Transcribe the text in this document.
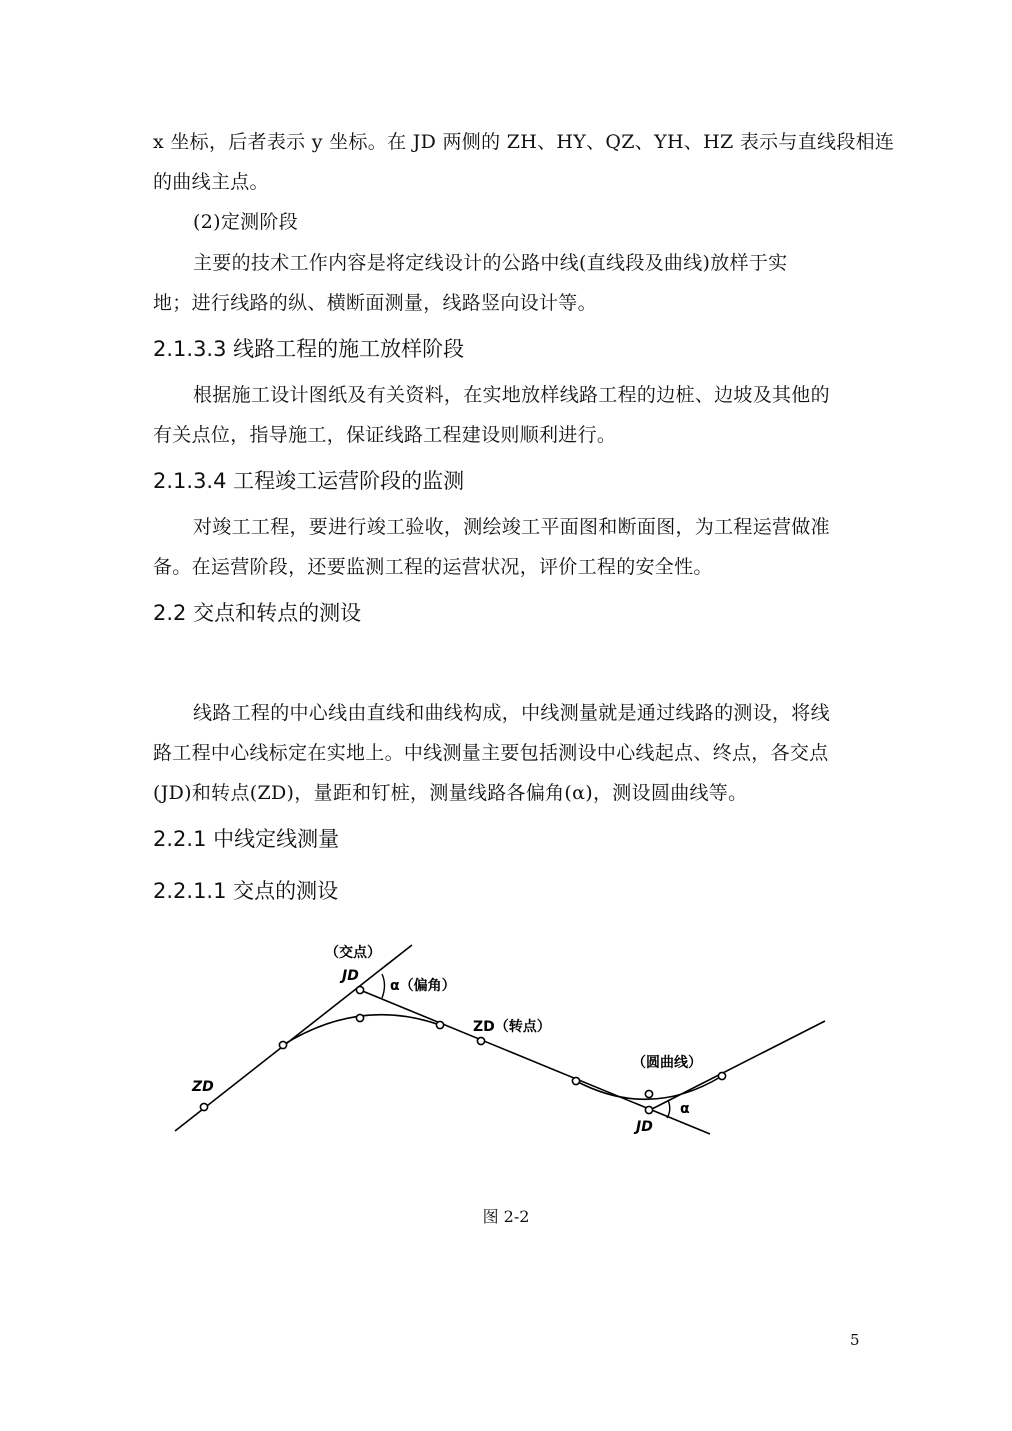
x 坐标，后者表示 y 坐标。在 JD 两侧的 ZH、HY、QZ、YH、HZ 表示与直线段相连
的曲线主点。
(2)定测阶段
主要的技术工作内容是将定线设计的公路中线(直线段及曲线)放样于实
地；进行线路的纵、横断面测量，线路竖向设计等。
2.1.3.3 线路工程的施工放样阶段
根据施工设计图纸及有关资料，在实地放样线路工程的边桩、边坡及其他的
有关点位，指导施工，保证线路工程建设则顺利进行。
2.1.3.4 工程竣工运营阶段的监测
对竣工工程，要进行竣工验收，测绘竣工平面图和断面图，为工程运营做准
备。在运营阶段，还要监测工程的运营状况，评价工程的安全性。
2.2 交点和转点的测设
线路工程的中心线由直线和曲线构成，中线测量就是通过线路的测设，将线
路工程中心线标定在实地上。中线测量主要包括测设中心线起点、终点，各交点
(JD)和转点(ZD)，量距和钉桩，测量线路各偏角(α)，测设圆曲线等。
2.2.1 中线定线测量
2.2.1.1 交点的测设
（交点）
JD
α（偏角）
ZD（转点）
ZD
（圆曲线）
α
JD
图 2-2
5
